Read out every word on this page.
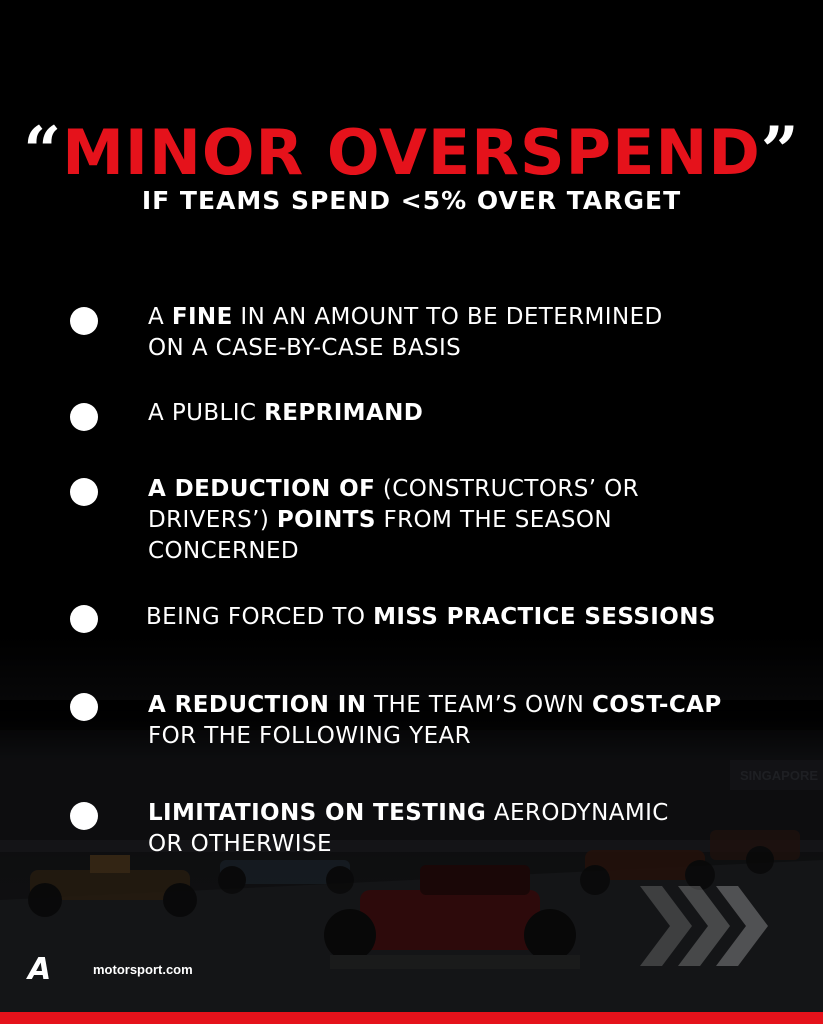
SINGAPORE
“MINOR OVERSPEND”
IF TEAMS SPEND <5% OVER TARGET
A FINE IN AN AMOUNT TO BE DETERMINED
ON A CASE-BY-CASE BASIS
A PUBLIC REPRIMAND
A DEDUCTION OF (CONSTRUCTORS’ OR
DRIVERS’) POINTS FROM THE SEASON
CONCERNED
BEING FORCED TO MISS PRACTICE SESSIONS
A REDUCTION IN THE TEAM’S OWN COST-CAP
FOR THE FOLLOWING YEAR
LIMITATIONS ON TESTING AERODYNAMIC
OR OTHERWISE
A	motorsport.com
